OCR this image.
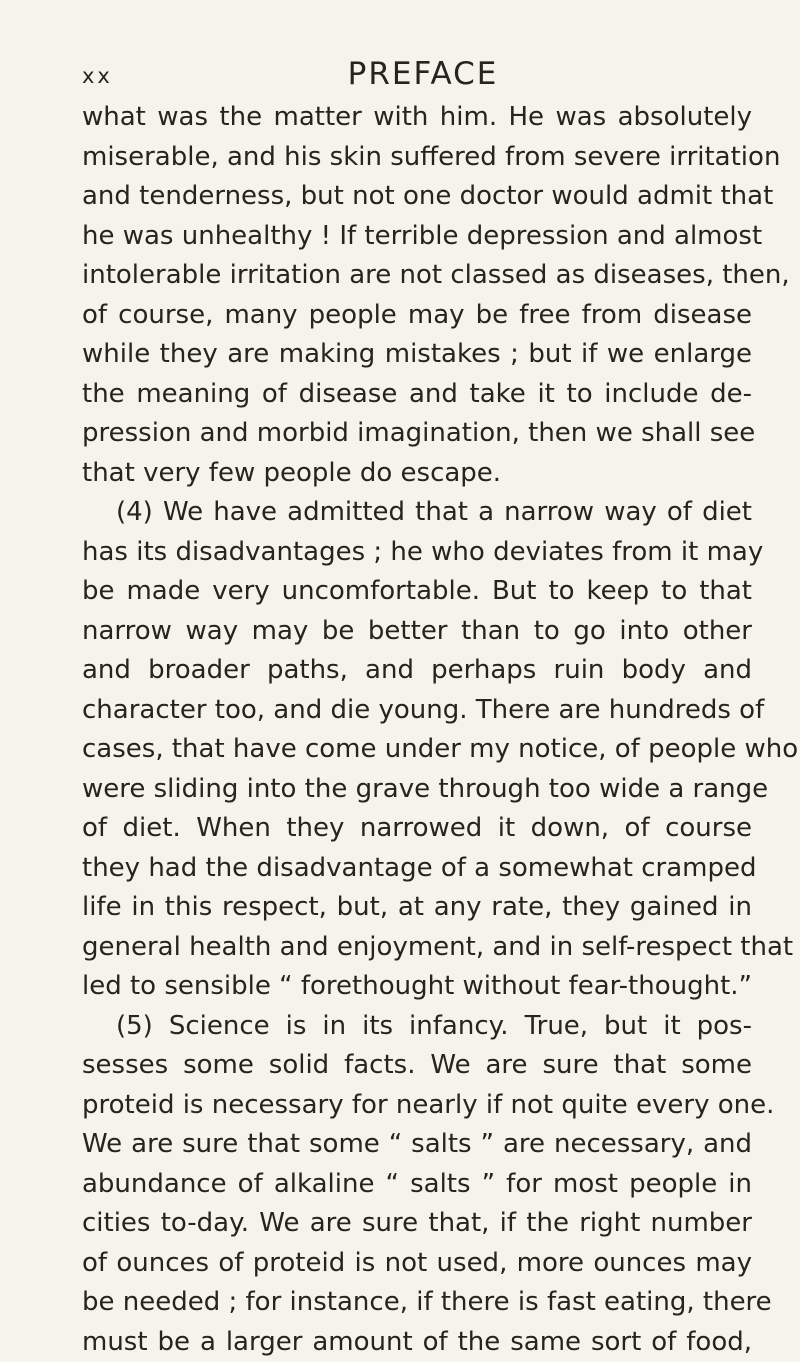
xx	PREFACE
what was the matter with him. He was absolutely
miserable, and his skin suffered from severe irritation
and tenderness, but not one doctor would admit that
he was unhealthy ! If terrible depression and almost
intolerable irritation are not classed as diseases, then,
of course, many people may be free from disease
while they are making mistakes ; but if we enlarge
the meaning of disease and take it to include de-
pression and morbid imagination, then we shall see
that very few people do escape.
(4) We have admitted that a narrow way of diet
has its disadvantages ; he who deviates from it may
be made very uncomfortable. But to keep to that
narrow way may be better than to go into other
and broader paths, and perhaps ruin body and
character too, and die young. There are hundreds of
cases, that have come under my notice, of people who
were sliding into the grave through too wide a range
of diet. When they narrowed it down, of course
they had the disadvantage of a somewhat cramped
life in this respect, but, at any rate, they gained in
general health and enjoyment, and in self-respect that
led to sensible “ forethought without fear-thought.”
(5) Science is in its infancy. True, but it pos-
sesses some solid facts. We are sure that some
proteid is necessary for nearly if not quite every one.
We are sure that some “ salts ” are necessary, and
abundance of alkaline “ salts ” for most people in
cities to-day. We are sure that, if the right number
of ounces of proteid is not used, more ounces may
be needed ; for instance, if there is fast eating, there
must be a larger amount of the same sort of food,
